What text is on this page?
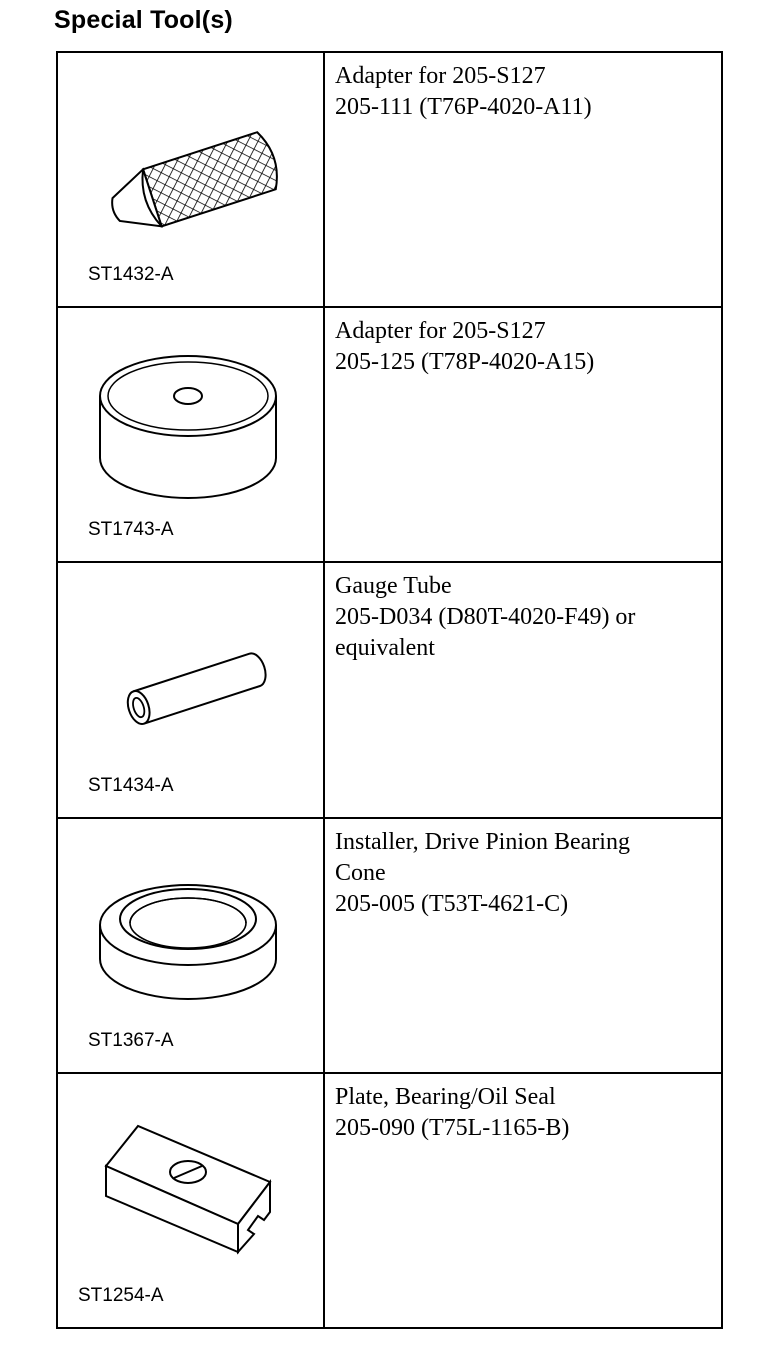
Special Tool(s)
ST1432-A
Adapter for 205-S127
205-111 (T76P-4020-A11)
ST1743-A
Adapter for 205-S127
205-125 (T78P-4020-A15)
ST1434-A
Gauge Tube
205-D034 (D80T-4020-F49) or
equivalent
ST1367-A
Installer, Drive Pinion Bearing
Cone
205-005 (T53T-4621-C)
ST1254-A
Plate, Bearing/Oil Seal
205-090 (T75L-1165-B)
